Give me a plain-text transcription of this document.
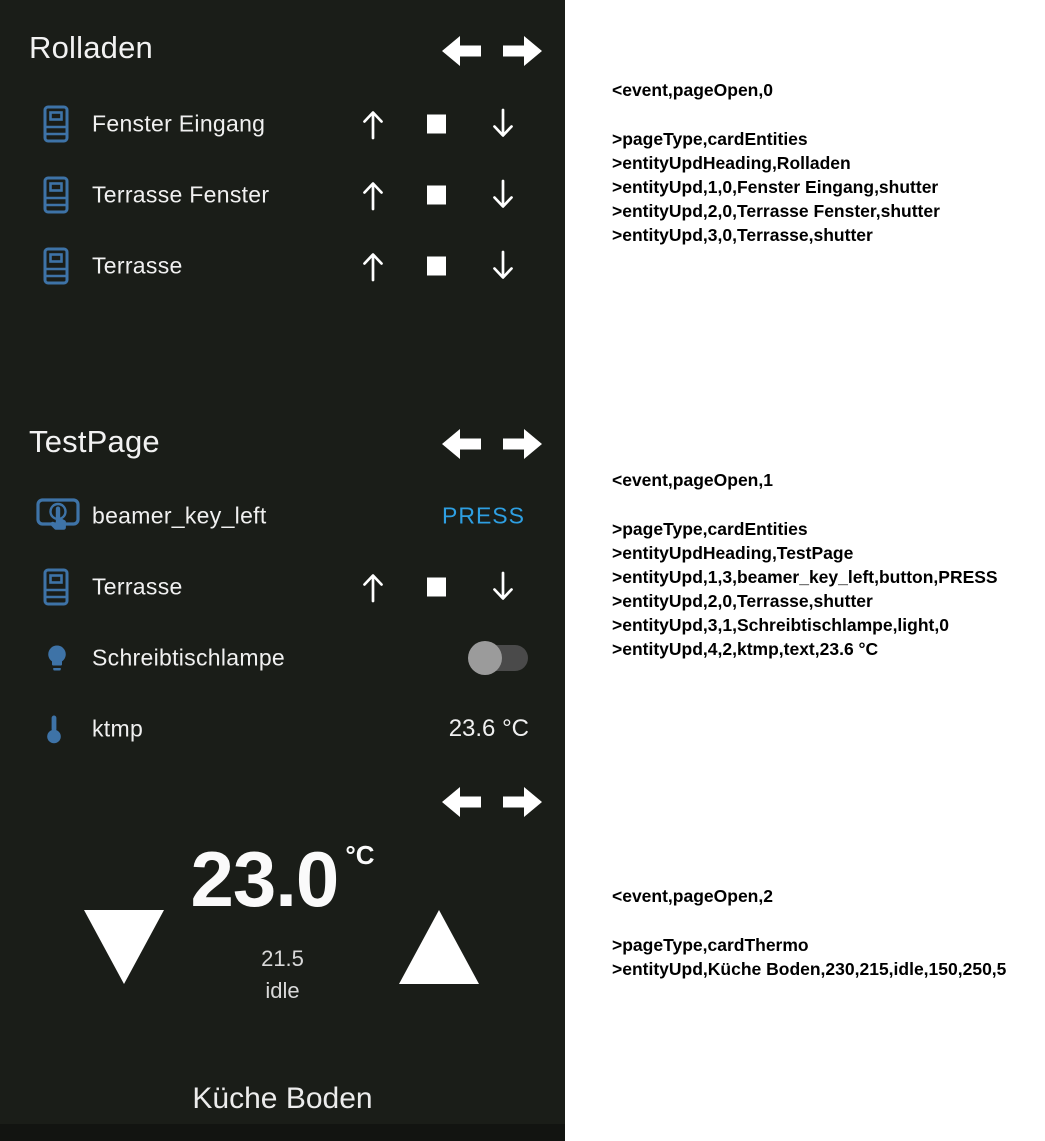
Rolladen
Fenster Eingang
Terrasse Fenster
Terrasse
TestPage
beamer_key_left	PRESS
Terrasse
Schreibtischlampe
ktmp	23.6 °C
23.0 $^{^\circ C}$
21.5
idle
Küche Boden
<event,pageOpen,0
>pageType,cardEntities
>entityUpdHeading,Rolladen
>entityUpd,1,0,Fenster Eingang,shutter
>entityUpd,2,0,Terrasse Fenster,shutter
>entityUpd,3,0,Terrasse,shutter
<event,pageOpen,1
>pageType,cardEntities
>entityUpdHeading,TestPage
>entityUpd,1,3,beamer_key_left,button,PRESS
>entityUpd,2,0,Terrasse,shutter
>entityUpd,3,1,Schreibtischlampe,light,0
>entityUpd,4,2,ktmp,text,23.6 °C
<event,pageOpen,2
>pageType,cardThermo
>entityUpd,Küche Boden,230,215,idle,150,250,5
